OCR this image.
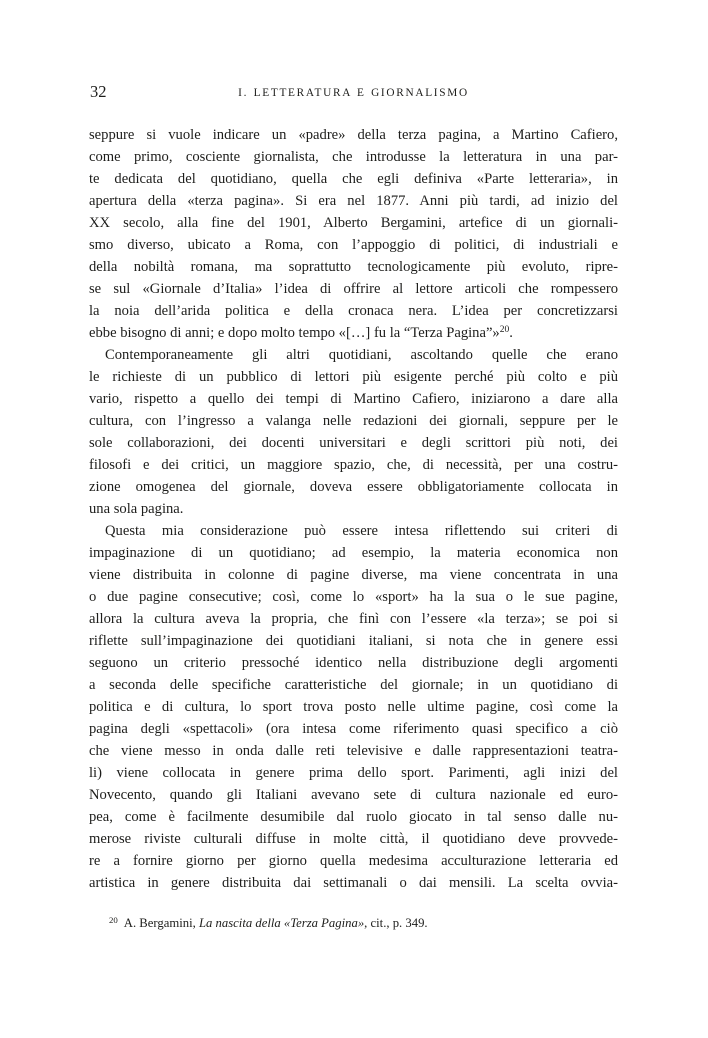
32	I. LETTERATURA E GIORNALISMO
seppure si vuole indicare un «padre» della terza pagina, a Martino Cafiero,
come primo, cosciente giornalista, che introdusse la letteratura in una par-
te dedicata del quotidiano, quella che egli definiva «Parte letteraria», in
apertura della «terza pagina». Si era nel 1877. Anni più tardi, ad inizio del
XX secolo, alla fine del 1901, Alberto Bergamini, artefice di un giornali-
smo diverso, ubicato a Roma, con l’appoggio di politici, di industriali e
della nobiltà romana, ma soprattutto tecnologicamente più evoluto, ripre-
se sul «Giornale d’Italia» l’idea di offrire al lettore articoli che rompessero
la noia dell’arida politica e della cronaca nera. L’idea per concretizzarsi
ebbe bisogno di anni; e dopo molto tempo «[…] fu la “Terza Pagina”»$^{20}$.
Contemporaneamente gli altri quotidiani, ascoltando quelle che erano
le richieste di un pubblico di lettori più esigente perché più colto e più
vario, rispetto a quello dei tempi di Martino Cafiero, iniziarono a dare alla
cultura, con l’ingresso a valanga nelle redazioni dei giornali, seppure per le
sole collaborazioni, dei docenti universitari e degli scrittori più noti, dei
filosofi e dei critici, un maggiore spazio, che, di necessità, per una costru-
zione omogenea del giornale, doveva essere obbligatoriamente collocata in
una sola pagina.
Questa mia considerazione può essere intesa riflettendo sui criteri di
impaginazione di un quotidiano; ad esempio, la materia economica non
viene distribuita in colonne di pagine diverse, ma viene concentrata in una
o due pagine consecutive; così, come lo «sport» ha la sua o le sue pagine,
allora la cultura aveva la propria, che finì con l’essere «la terza»; se poi si
riflette sull’impaginazione dei quotidiani italiani, si nota che in genere essi
seguono un criterio pressoché identico nella distribuzione degli argomenti
a seconda delle specifiche caratteristiche del giornale; in un quotidiano di
politica e di cultura, lo sport trova posto nelle ultime pagine, così come la
pagina degli «spettacoli» (ora intesa come riferimento quasi specifico a ciò
che viene messo in onda dalle reti televisive e dalle rappresentazioni teatra-
li) viene collocata in genere prima dello sport. Parimenti, agli inizi del
Novecento, quando gli Italiani avevano sete di cultura nazionale ed euro-
pea, come è facilmente desumibile dal ruolo giocato in tal senso dalle nu-
merose riviste culturali diffuse in molte città, il quotidiano deve provvede-
re a fornire giorno per giorno quella medesima acculturazione letteraria ed
artistica in genere distribuita dai settimanali o dai mensili. La scelta ovvia-
$^{20}$ A. Bergamini, La nascita della «Terza Pagina», cit., p. 349.
